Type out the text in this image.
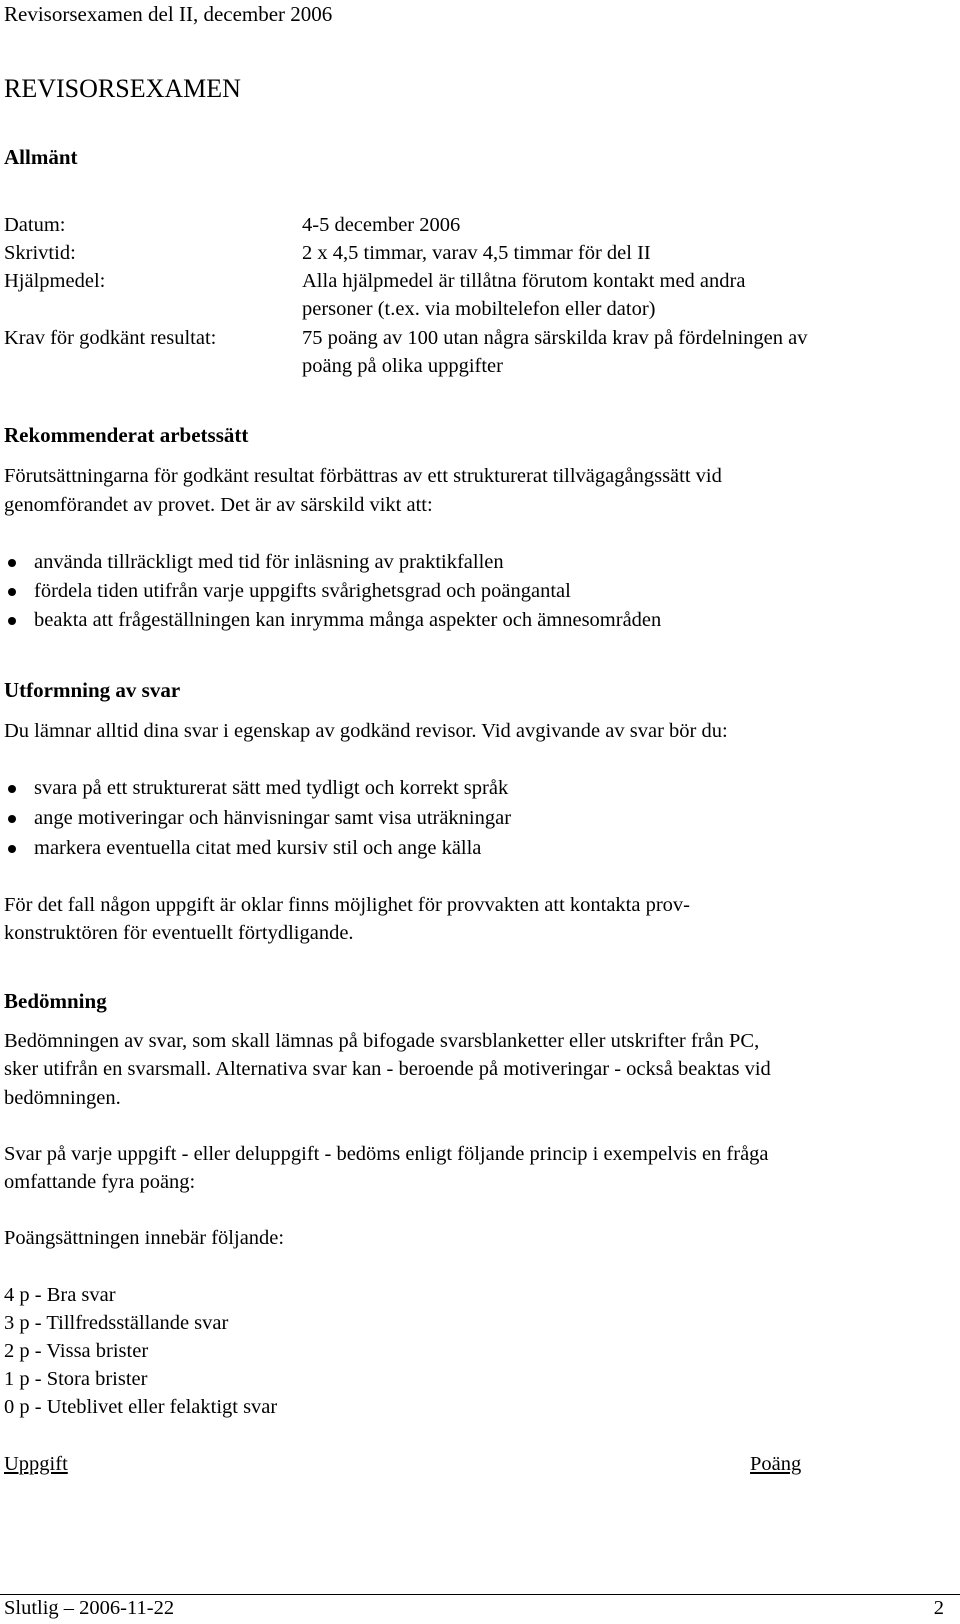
Revisorsexamen del II, december 2006
REVISORSEXAMEN
Allmänt
Datum:	4-5 december 2006
Skrivtid:	2 x 4,5 timmar, varav 4,5 timmar för del II
Hjälpmedel:	Alla hjälpmedel är tillåtna förutom kontakt med andra
personer (t.ex. via mobiltelefon eller dator)
Krav för godkänt resultat:	75 poäng av 100 utan några särskilda krav på fördelningen av
poäng på olika uppgifter
Rekommenderat arbetssätt
Förutsättningarna för godkänt resultat förbättras av ett strukturerat tillvägagångssätt vid
genomförandet av provet. Det är av särskild vikt att:
använda tillräckligt med tid för inläsning av praktikfallen
fördela tiden utifrån varje uppgifts svårighetsgrad och poängantal
beakta att frågeställningen kan inrymma många aspekter och ämnesområden
Utformning av svar
Du lämnar alltid dina svar i egenskap av godkänd revisor. Vid avgivande av svar bör du:
svara på ett strukturerat sätt med tydligt och korrekt språk
ange motiveringar och hänvisningar samt visa uträkningar
markera eventuella citat med kursiv stil och ange källa
För det fall någon uppgift är oklar finns möjlighet för provvakten att kontakta prov-
konstruktören för eventuellt förtydligande.
Bedömning
Bedömningen av svar, som skall lämnas på bifogade svarsblanketter eller utskrifter från PC,
sker utifrån en svarsmall. Alternativa svar kan - beroende på motiveringar - också beaktas vid
bedömningen.
Svar på varje uppgift - eller deluppgift - bedöms enligt följande princip i exempelvis en fråga
omfattande fyra poäng:
Poängsättningen innebär följande:
4 p - Bra svar
3 p - Tillfredsställande svar
2 p - Vissa brister
1 p - Stora brister
0 p - Uteblivet eller felaktigt svar
Uppgift	Poäng
Slutlig – 2006-11-22	2
